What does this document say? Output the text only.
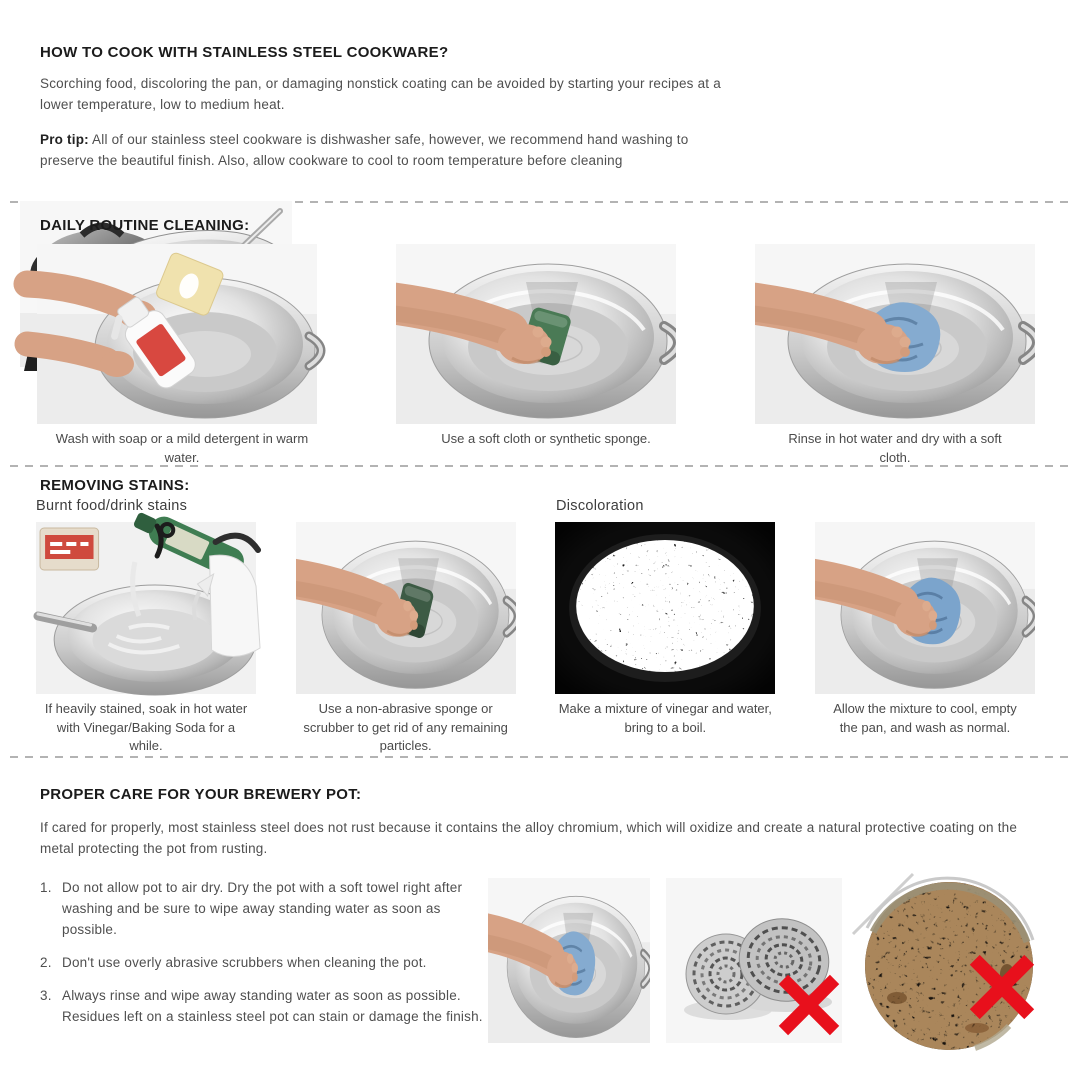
HOW TO COOK WITH STAINLESS STEEL COOKWARE?

Scorching food, discoloring the pan, or damaging nonstick coating can be avoided by starting your recipes at a lower temperature, low to medium heat.

Pro tip: All of our stainless steel cookware is dishwasher safe, however, we recommend hand washing to preserve the beautiful finish. Also, allow cookware to cool to room temperature before cleaning

DAILY ROUTINE CLEANING:
Wash with soap or a mild detergent in warm water.
Use a soft cloth or synthetic sponge.	Rinse in hot water and dry with a soft cloth.
REMOVING STAINS:
Burnt food/drink stains	Discoloration
If heavily stained, soak in hot water with Vinegar/Baking Soda for a while.
Use a non-abrasive sponge or scrubber to get rid of any remaining particles.
Make a mixture of vinegar and water, bring to a boil.
Allow the mixture to cool, empty the pan, and wash as normal.
PROPER CARE FOR YOUR BREWERY POT:

If cared for properly, most stainless steel does not rust because it contains the alloy chromium, which will oxidize and create a natural protective coating on the metal protecting the pot from rusting.

1. Do not allow pot to air dry. Dry the pot with a soft towel right after washing and be sure to wipe away standing water as soon as possible.
2. Don't use overly abrasive scrubbers when cleaning the pot.
3. Always rinse and wipe away standing water as soon as possible. Residues left on a stainless steel pot can stain or damage the finish.
